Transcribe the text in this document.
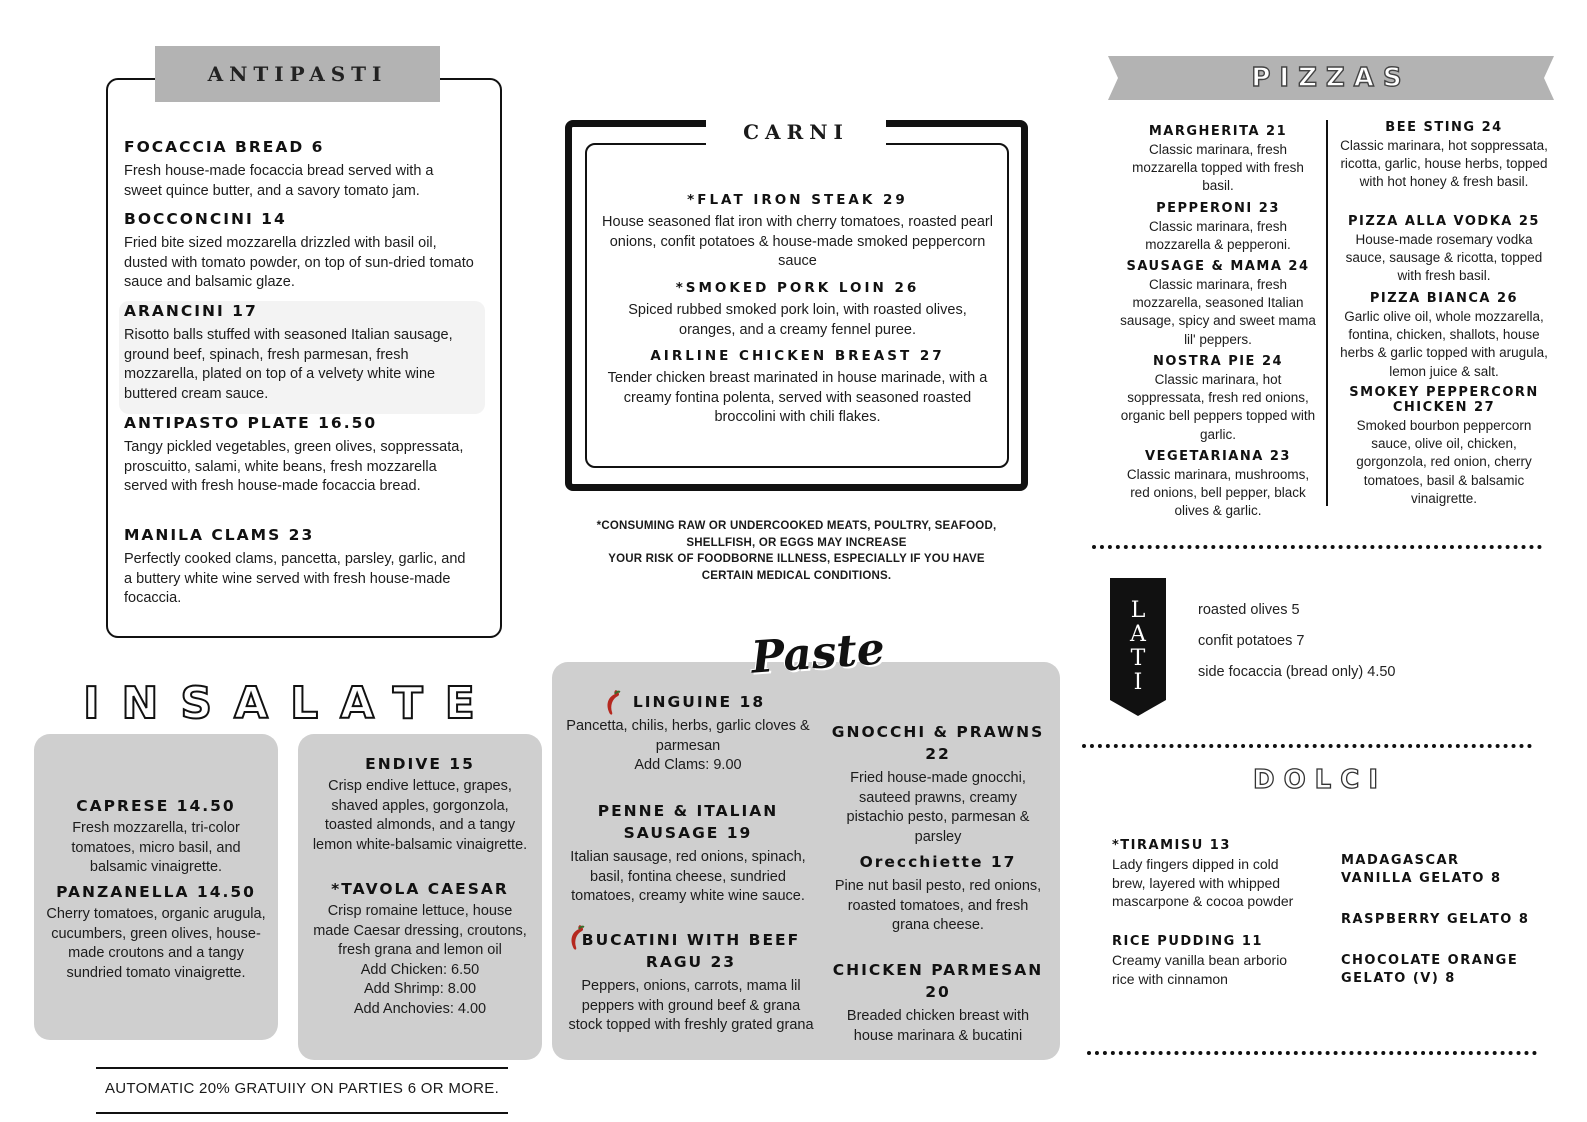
ANTIPASTI
FOCACCIA BREAD 6
Fresh house-made focaccia bread served with a sweet quince butter, and a savory tomato jam.
BOCCONCINI 14
Fried bite sized mozzarella drizzled with basil oil, dusted with tomato powder, on top of sun-dried tomato sauce and balsamic glaze.
ARANCINI 17
Risotto balls stuffed with seasoned Italian sausage, ground beef, spinach, fresh parmesan, fresh mozzarella, plated on top of a velvety white wine buttered cream sauce.
ANTIPASTO PLATE 16.50
Tangy pickled vegetables, green olives, soppressata, proscuitto, salami, white beans, fresh mozzarella served with fresh house-made focaccia bread.
MANILA CLAMS 23
Perfectly cooked clams, pancetta, parsley, garlic, and a buttery white wine served with fresh house-made focaccia.
CARNI
*FLAT IRON STEAK 29
House seasoned flat iron with cherry tomatoes, roasted pearl onions, confit potatoes & house-made smoked peppercorn sauce
*SMOKED PORK LOIN 26
Spiced rubbed smoked pork loin, with roasted olives, oranges, and a creamy fennel puree.
AIRLINE CHICKEN BREAST 27
Tender chicken breast marinated in house marinade, with a creamy fontina polenta, served with seasoned roasted broccolini with chili flakes.
*CONSUMING RAW OR UNDERCOOKED MEATS, POULTRY, SEAFOOD,
SHELLFISH, OR EGGS MAY INCREASE
YOUR RISK OF FOODBORNE ILLNESS, ESPECIALLY IF YOU HAVE
CERTAIN MEDICAL CONDITIONS.
PIZZAS
MARGHERITA 21
Classic marinara, fresh mozzarella topped with fresh basil.
PEPPERONI 23
Classic marinara, fresh mozzarella & pepperoni.
SAUSAGE & MAMA 24
Classic marinara, fresh mozzarella, seasoned Italian sausage, spicy and sweet mama lil' peppers.
NOSTRA PIE 24
Classic marinara, hot soppressata, fresh red onions, organic bell peppers topped with garlic.
VEGETARIANA 23
Classic marinara, mushrooms, red onions, bell pepper, black olives & garlic.
BEE STING 24
Classic marinara, hot soppressata, ricotta, garlic, house herbs, topped with hot honey & fresh basil.
PIZZA ALLA VODKA 25
House-made rosemary vodka sauce, sausage & ricotta, topped with fresh basil.
PIZZA BIANCA 26
Garlic olive oil, whole mozzarella, fontina, chicken, shallots, house herbs & garlic topped with arugula, lemon juice & salt.
SMOKEY PEPPERCORN CHICKEN 27
Smoked bourbon peppercorn sauce, olive oil, chicken, gorgonzola, red onion, cherry tomatoes, basil & balsamic vinaigrette.
L
A
T
I
roasted olives 5
confit potatoes 7
side focaccia (bread only) 4.50
DOLCI
*TIRAMISU 13
Lady fingers dipped in cold brew, layered with whipped mascarpone & cocoa powder
RICE PUDDING 11
Creamy vanilla bean arborio rice with cinnamon
MADAGASCAR VANILLA GELATO 8
RASPBERRY GELATO 8
CHOCOLATE ORANGE GELATO (V) 8
INSALATE
CAPRESE 14.50
Fresh mozzarella, tri-color tomatoes, micro basil, and balsamic vinaigrette.
PANZANELLA 14.50
Cherry tomatoes, organic arugula, cucumbers, green olives, house-made croutons and a tangy sundried tomato vinaigrette.
ENDIVE 15
Crisp endive lettuce, grapes, shaved apples, gorgonzola, toasted almonds, and a tangy lemon white-balsamic vinaigrette.
*TAVOLA CAESAR
Crisp romaine lettuce, house made Caesar dressing, croutons, fresh grana and lemon oil
Add Chicken: 6.50
Add Shrimp: 8.00
Add Anchovies: 4.00
AUTOMATIC 20% GRATUIIY ON PARTIES 6 OR MORE.
Paste
LINGUINE 18
Pancetta, chilis, herbs, garlic cloves & parmesan
Add Clams: 9.00
PENNE & ITALIAN SAUSAGE 19
Italian sausage, red onions, spinach, basil, fontina cheese, sundried tomatoes, creamy white wine sauce.
BUCATINI WITH BEEF RAGU 23
Peppers, onions, carrots, mama lil peppers with ground beef & grana stock topped with freshly grated grana
GNOCCHI & PRAWNS 22
Fried house-made gnocchi, sauteed prawns, creamy pistachio pesto, parmesan & parsley
Orecchiette 17
Pine nut basil pesto, red onions, roasted tomatoes, and fresh grana cheese.
CHICKEN PARMESAN 20
Breaded chicken breast with house marinara & bucatini
